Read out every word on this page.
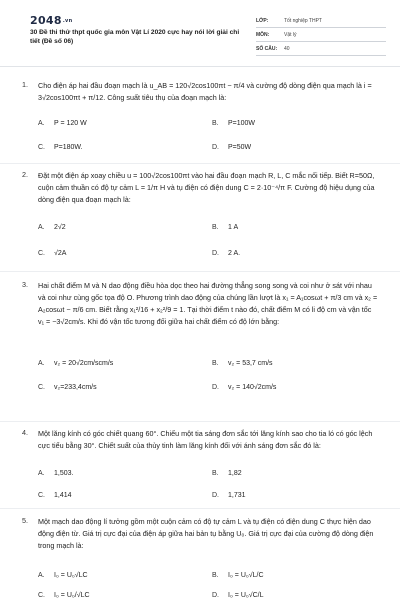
2048.vn
30 Đề thi thử thpt quốc gia môn Vật Lí 2020 cực hay nói lời giải chi tiết (Đề số 06)
LỚP:	Tốt nghiệp THPT
MÔN:	Vật lý
SỐ CÂU:	40
1. Cho điện áp hai đầu đoạn mạch là u_AB = 120√2cos100πt − π/4 và cường độ dòng điện qua mạch là i = 3√2cos100πt + π/12. Công suất tiêu thụ của đoạn mạch là:
A.	P = 120 W	B.	P=100W
C.	P=180W.	D.	P=50W
2. Đặt một điện áp xoay chiều u = 100√2cos100πt vào hai đầu đoạn mạch R, L, C mắc nối tiếp. Biết R=50Ω, cuộn cảm thuần có độ tự cảm L = 1/π H và tụ điện có điện dung C = 2·10⁻⁴/π F. Cường độ hiệu dụng của dòng điện qua đoạn mạch là:
A.	2√2	B.	1 A
C.	√2A	D.	2 A.
3. Hai chất điểm M và N dao động điều hòa dọc theo hai đường thẳng song song và coi như ở sát với nhau và coi như cùng gốc tọa độ O. Phương trình dao động của chúng lần lượt là x₁ = A₁cosωt + π/3 cm và x₂ = A₂cosωt − π/6 cm. Biết rằng x₁²/16 + x₂²/9 = 1. Tại thời điểm t nào đó, chất điểm M có li độ cm và vận tốc v₁ = −3√2cm/s. Khi đó vận tốc tương đối giữa hai chất điểm có độ lớn bằng:
A.	v₂ = 20√2cm/scm/s	B.	v₂ = 53,7 cm/s
C.	v₂=233,4cm/s	D.	v₂ = 140√2cm/s
4. Một lăng kính có góc chiết quang 60°. Chiếu một tia sáng đơn sắc tới lăng kính sao cho tia ló có góc lệch cực tiểu bằng 30°. Chiết suất của thủy tinh làm lăng kính đối với ánh sáng đơn sắc đó là:
A.	1,503.	B.	1,82
C.	1,414	D.	1,731
5. Một mạch dao động lí tưởng gồm một cuộn cảm có độ tự cảm L và tụ điện có điện dung C thực hiện dao động điện từ. Giá trị cực đại của điện áp giữa hai bản tụ bằng U₀. Giá trị cực đại của cường độ dòng điện trong mạch là:
A.	I₀ = U₀√LC	B.	I₀ = U₀√L/C
C.	I₀ = U₀/√LC	D.	I₀ = U₀√C/L
